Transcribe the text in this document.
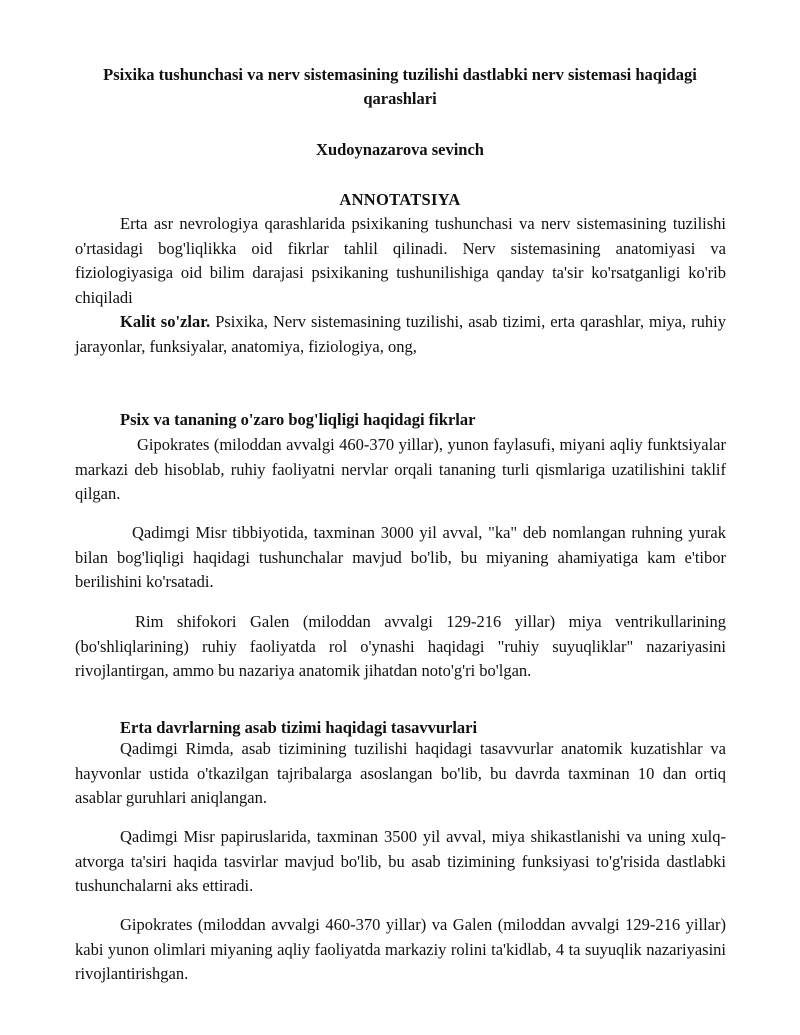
Psixika tushunchasi va nerv sistemasining tuzilishi dastlabki nerv sistemasi haqidagi qarashlari
Xudoynazarova sevinch
ANNOTATSIYA

Erta asr nevrologiya qarashlarida psixikaning tushunchasi va nerv sistemasining tuzilishi o'rtasidagi bog'liqlikka oid fikrlar tahlil qilinadi. Nerv sistemasining anatomiyasi va fiziologiyasiga oid bilim darajasi psixikaning tushunilishiga qanday ta'sir ko'rsatganligi ko'rib chiqiladi

Kalit so'zlar. Psixika, Nerv sistemasining tuzilishi, asab tizimi, erta qarashlar, miya, ruhiy jarayonlar, funksiyalar, anatomiya, fiziologiya, ong,

Psix va tananing o'zaro bog'liqligi haqidagi fikrlar

Gipokrates (miloddan avvalgi 460-370 yillar), yunon faylasufi, miyani aqliy funktsiyalar markazi deb hisoblab, ruhiy faoliyatni nervlar orqali tananing turli qismlariga uzatilishini taklif qilgan.

Qadimgi Misr tibbiyotida, taxminan 3000 yil avval, "ka" deb nomlangan ruhning yurak bilan bog'liqligi haqidagi tushunchalar mavjud bo'lib, bu miyaning ahamiyatiga kam e'tibor berilishini ko'rsatadi.

Rim shifokori Galen (miloddan avvalgi 129-216 yillar) miya ventrikullarining (bo'shliqlarining) ruhiy faoliyatda rol o'ynashi haqidagi "ruhiy suyuqliklar" nazariyasini rivojlantirgan, ammo bu nazariya anatomik jihatdan noto'g'ri bo'lgan.

Erta davrlarning asab tizimi haqidagi tasavvurlari

Qadimgi Rimda, asab tizimining tuzilishi haqidagi tasavvurlar anatomik kuzatishlar va hayvonlar ustida o'tkazilgan tajribalarga asoslangan bo'lib, bu davrda taxminan 10 dan ortiq asablar guruhlari aniqlangan.

Qadimgi Misr papiruslarida, taxminan 3500 yil avval, miya shikastlanishi va uning xulq-atvorga ta'siri haqida tasvirlar mavjud bo'lib, bu asab tizimining funksiyasi to'g'risida dastlabki tushunchalarni aks ettiradi.

Gipokrates (miloddan avvalgi 460-370 yillar) va Galen (miloddan avvalgi 129-216 yillar) kabi yunon olimlari miyaning aqliy faoliyatda markaziy rolini ta'kidlab, 4 ta suyuqlik nazariyasini rivojlantirishgan.
